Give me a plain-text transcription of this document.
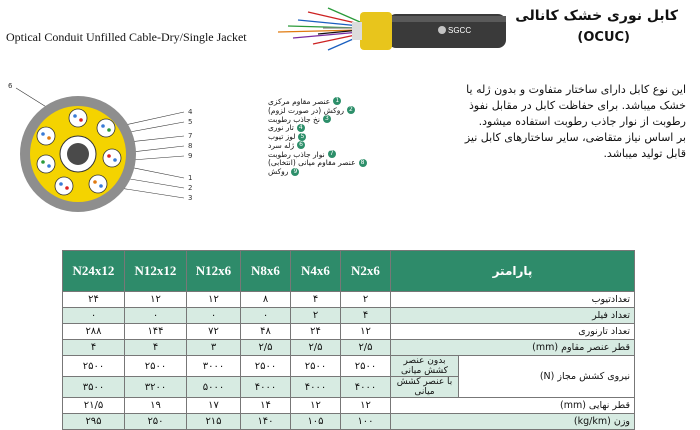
Optical Conduit Unfilled Cable-Dry/Single Jacket
کابل نوری خشک کانالی
(OCUC)
SGCC
6
4
5
7
8
9
1
2
3
1
عنصر مقاوم مرکزی
2
روکش (در صورت لزوم)
3
نخ جاذب رطوبت
4
تار نوری
5
لوز تیوب
6
ژله سرد
7
نوار جاذب رطوبت
8
عنصر مقاوم میانی (انتخابی)
9
روکش
این نوع کابل دارای ساختار متفاوت و بدون ژله یا خشک میباشد. برای حفاظت کابل در مقابل نفوذ رطوبت از نوار جاذب رطوبت استفاده میشود.
بر اساس نیاز متقاضی، سایر ساختارهای کابل نیز قابل تولید میباشد.
N24x12	N12x12	N12x6	N8x6	N4x6	N2x6	پارامتر	
۲۴	۱۲	۱۲	۸	۴	۲	تعدادتیوب	
۰	۰	۰	۰	۲	۴	تعداد فیلر	
۲۸۸	۱۴۴	۷۲	۴۸	۲۴	۱۲	تعداد تارنوری	
۴	۴	۳	۲/۵	۲/۵	۲/۵	قطر عنصر مقاوم (mm)	
۲۵۰۰	۲۵۰۰	۳۰۰۰	۲۵۰۰	۲۵۰۰	۲۵۰۰	بدون عنصر کشش میانی	نیروی کشش مجاز (N)
۳۵۰۰	۳۲۰۰	۵۰۰۰	۴۰۰۰	۴۰۰۰	۴۰۰۰	با عنصر کشش میانی	
۲۱/۵	۱۹	۱۷	۱۴	۱۲	۱۲	قطر نهایی (mm)	
۲۹۵	۲۵۰	۲۱۵	۱۴۰	۱۰۵	۱۰۰	وزن (kg/km)	
